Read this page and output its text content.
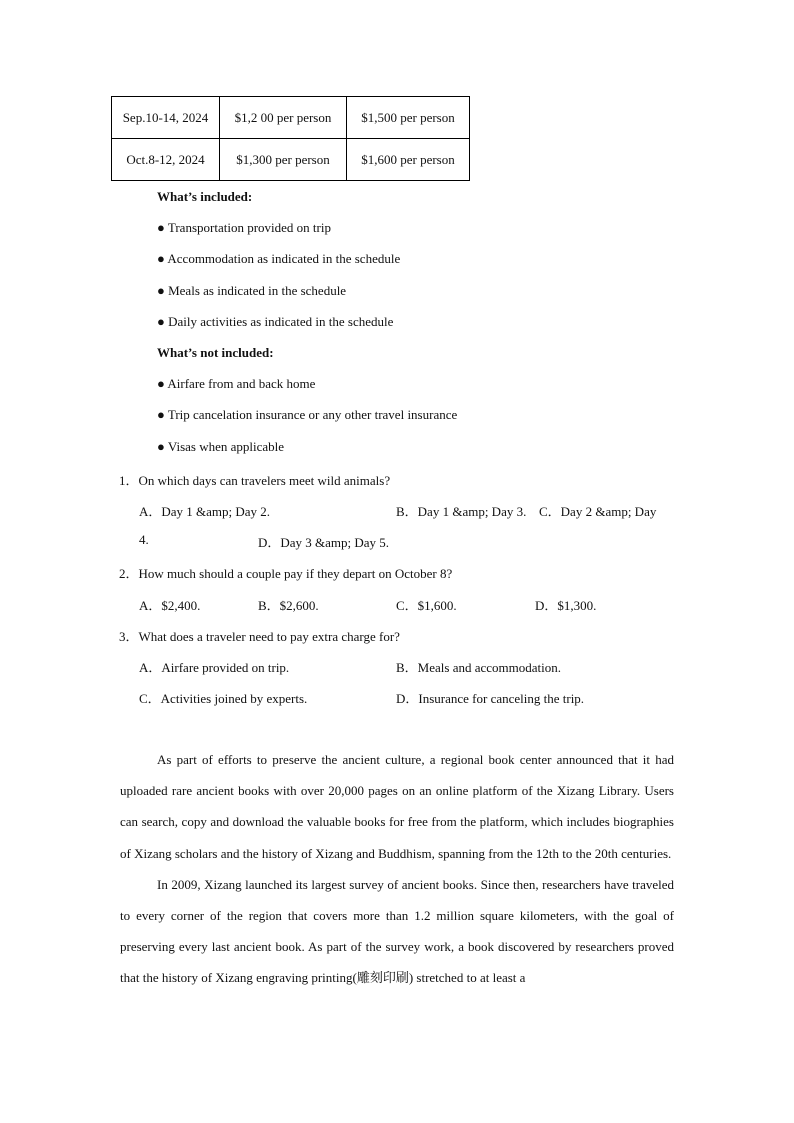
Sep.10-14, 2024	$1,2 00 per person	$1,500 per person
Oct.8-12, 2024	$1,300 per person	$1,600 per person
What’s included:
● Transportation provided on trip
● Accommodation as indicated in the schedule
● Meals as indicated in the schedule
● Daily activities as indicated in the schedule
What’s not included:
● Airfare from and back home
● Trip cancelation insurance or any other travel insurance
● Visas when applicable
1．On which days can travelers meet wild animals?
A．Day 1 &amp; Day 2.	B．Day 1 &amp; Day 3. C．Day 2 &amp; Day
4.	D．Day 3 &amp; Day 5.
2．How much should a couple pay if they depart on October 8?
A．$2,400.	B．$2,600.	C．$1,600.	D．$1,300.
3．What does a traveler need to pay extra charge for?
A．Airfare provided on trip.	B．Meals and accommodation.
C．Activities joined by experts.	D．Insurance for canceling the trip.

As part of efforts to preserve the ancient culture, a regional book center announced that it had uploaded rare ancient books with over 20,000 pages on an online platform of the Xizang Library. Users can search, copy and download the valuable books for free from the platform, which includes biographies of Xizang scholars and the history of Xizang and Buddhism, spanning from the 12th to the 20th centuries.

In 2009, Xizang launched its largest survey of ancient books. Since then, researchers have traveled to every corner of the region that covers more than 1.2 million square kilometers, with the goal of preserving every last ancient book. As part of the survey work, a book discovered by researchers proved that the history of Xizang engraving printing(雕刻印刷) stretched to at least a
